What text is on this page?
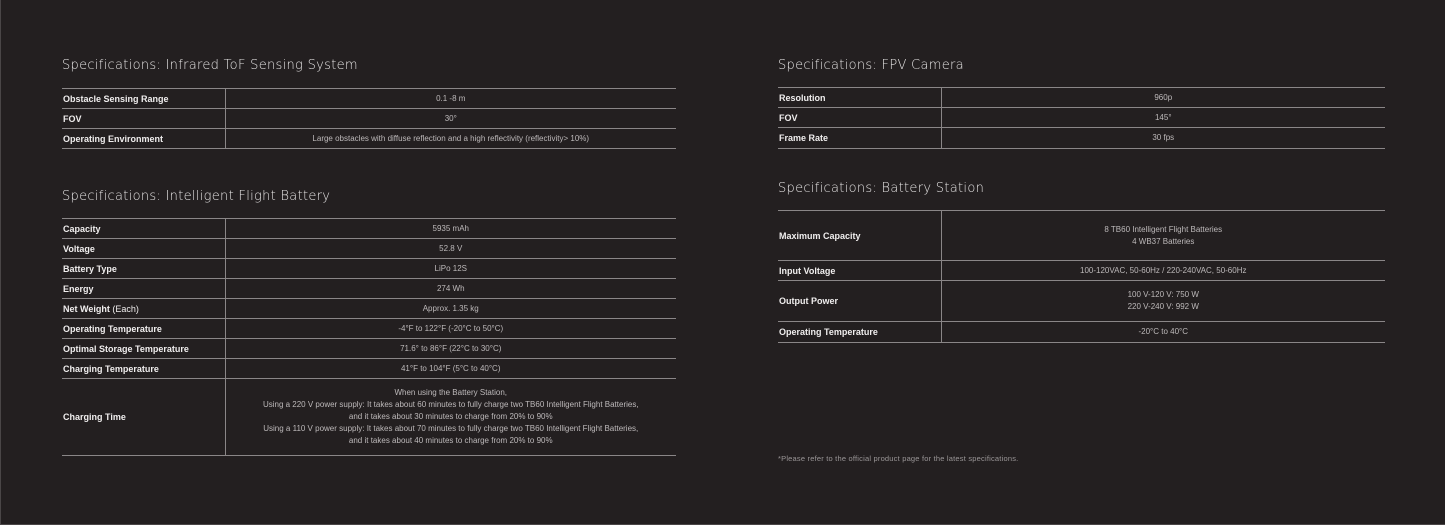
Specifications: Infrared ToF Sensing System
Obstacle Sensing Range	0.1 -8 m
FOV	30°
Operating Environment	Large obstacles with diffuse reflection and a high reflectivity (reflectivity> 10%)
Specifications: Intelligent Flight Battery
Capacity	5935 mAh
Voltage	52.8 V
Battery Type	LiPo 12S
Energy	274 Wh
Net Weight (Each)	Approx. 1.35 kg
Operating Temperature	-4°F to 122°F (-20°C to 50°C)
Optimal Storage Temperature	71.6° to 86°F (22°C to 30°C)
Charging Temperature	41°F to 104°F (5°C to 40°C)
Charging Time	When using the Battery Station,
Using a 220 V power supply: It takes about 60 minutes to fully charge two TB60 Intelligent Flight Batteries,
and it takes about 30 minutes to charge from 20% to 90%
Using a 110 V power supply: It takes about 70 minutes to fully charge two TB60 Intelligent Flight Batteries,
and it takes about 40 minutes to charge from 20% to 90%
Specifications: FPV Camera
Resolution	960p
FOV	145°
Frame Rate	30 fps
Specifications: Battery Station
Maximum Capacity	8 TB60 Intelligent Flight Batteries
4 WB37 Batteries

Input Voltage	100-120VAC, 50-60Hz / 220-240VAC, 50-60Hz
Output Power	100 V-120 V: 750 W
220 V-240 V: 992 W

Operating Temperature	-20°C to 40°C
*Please refer to the official product page for the latest specifications.
